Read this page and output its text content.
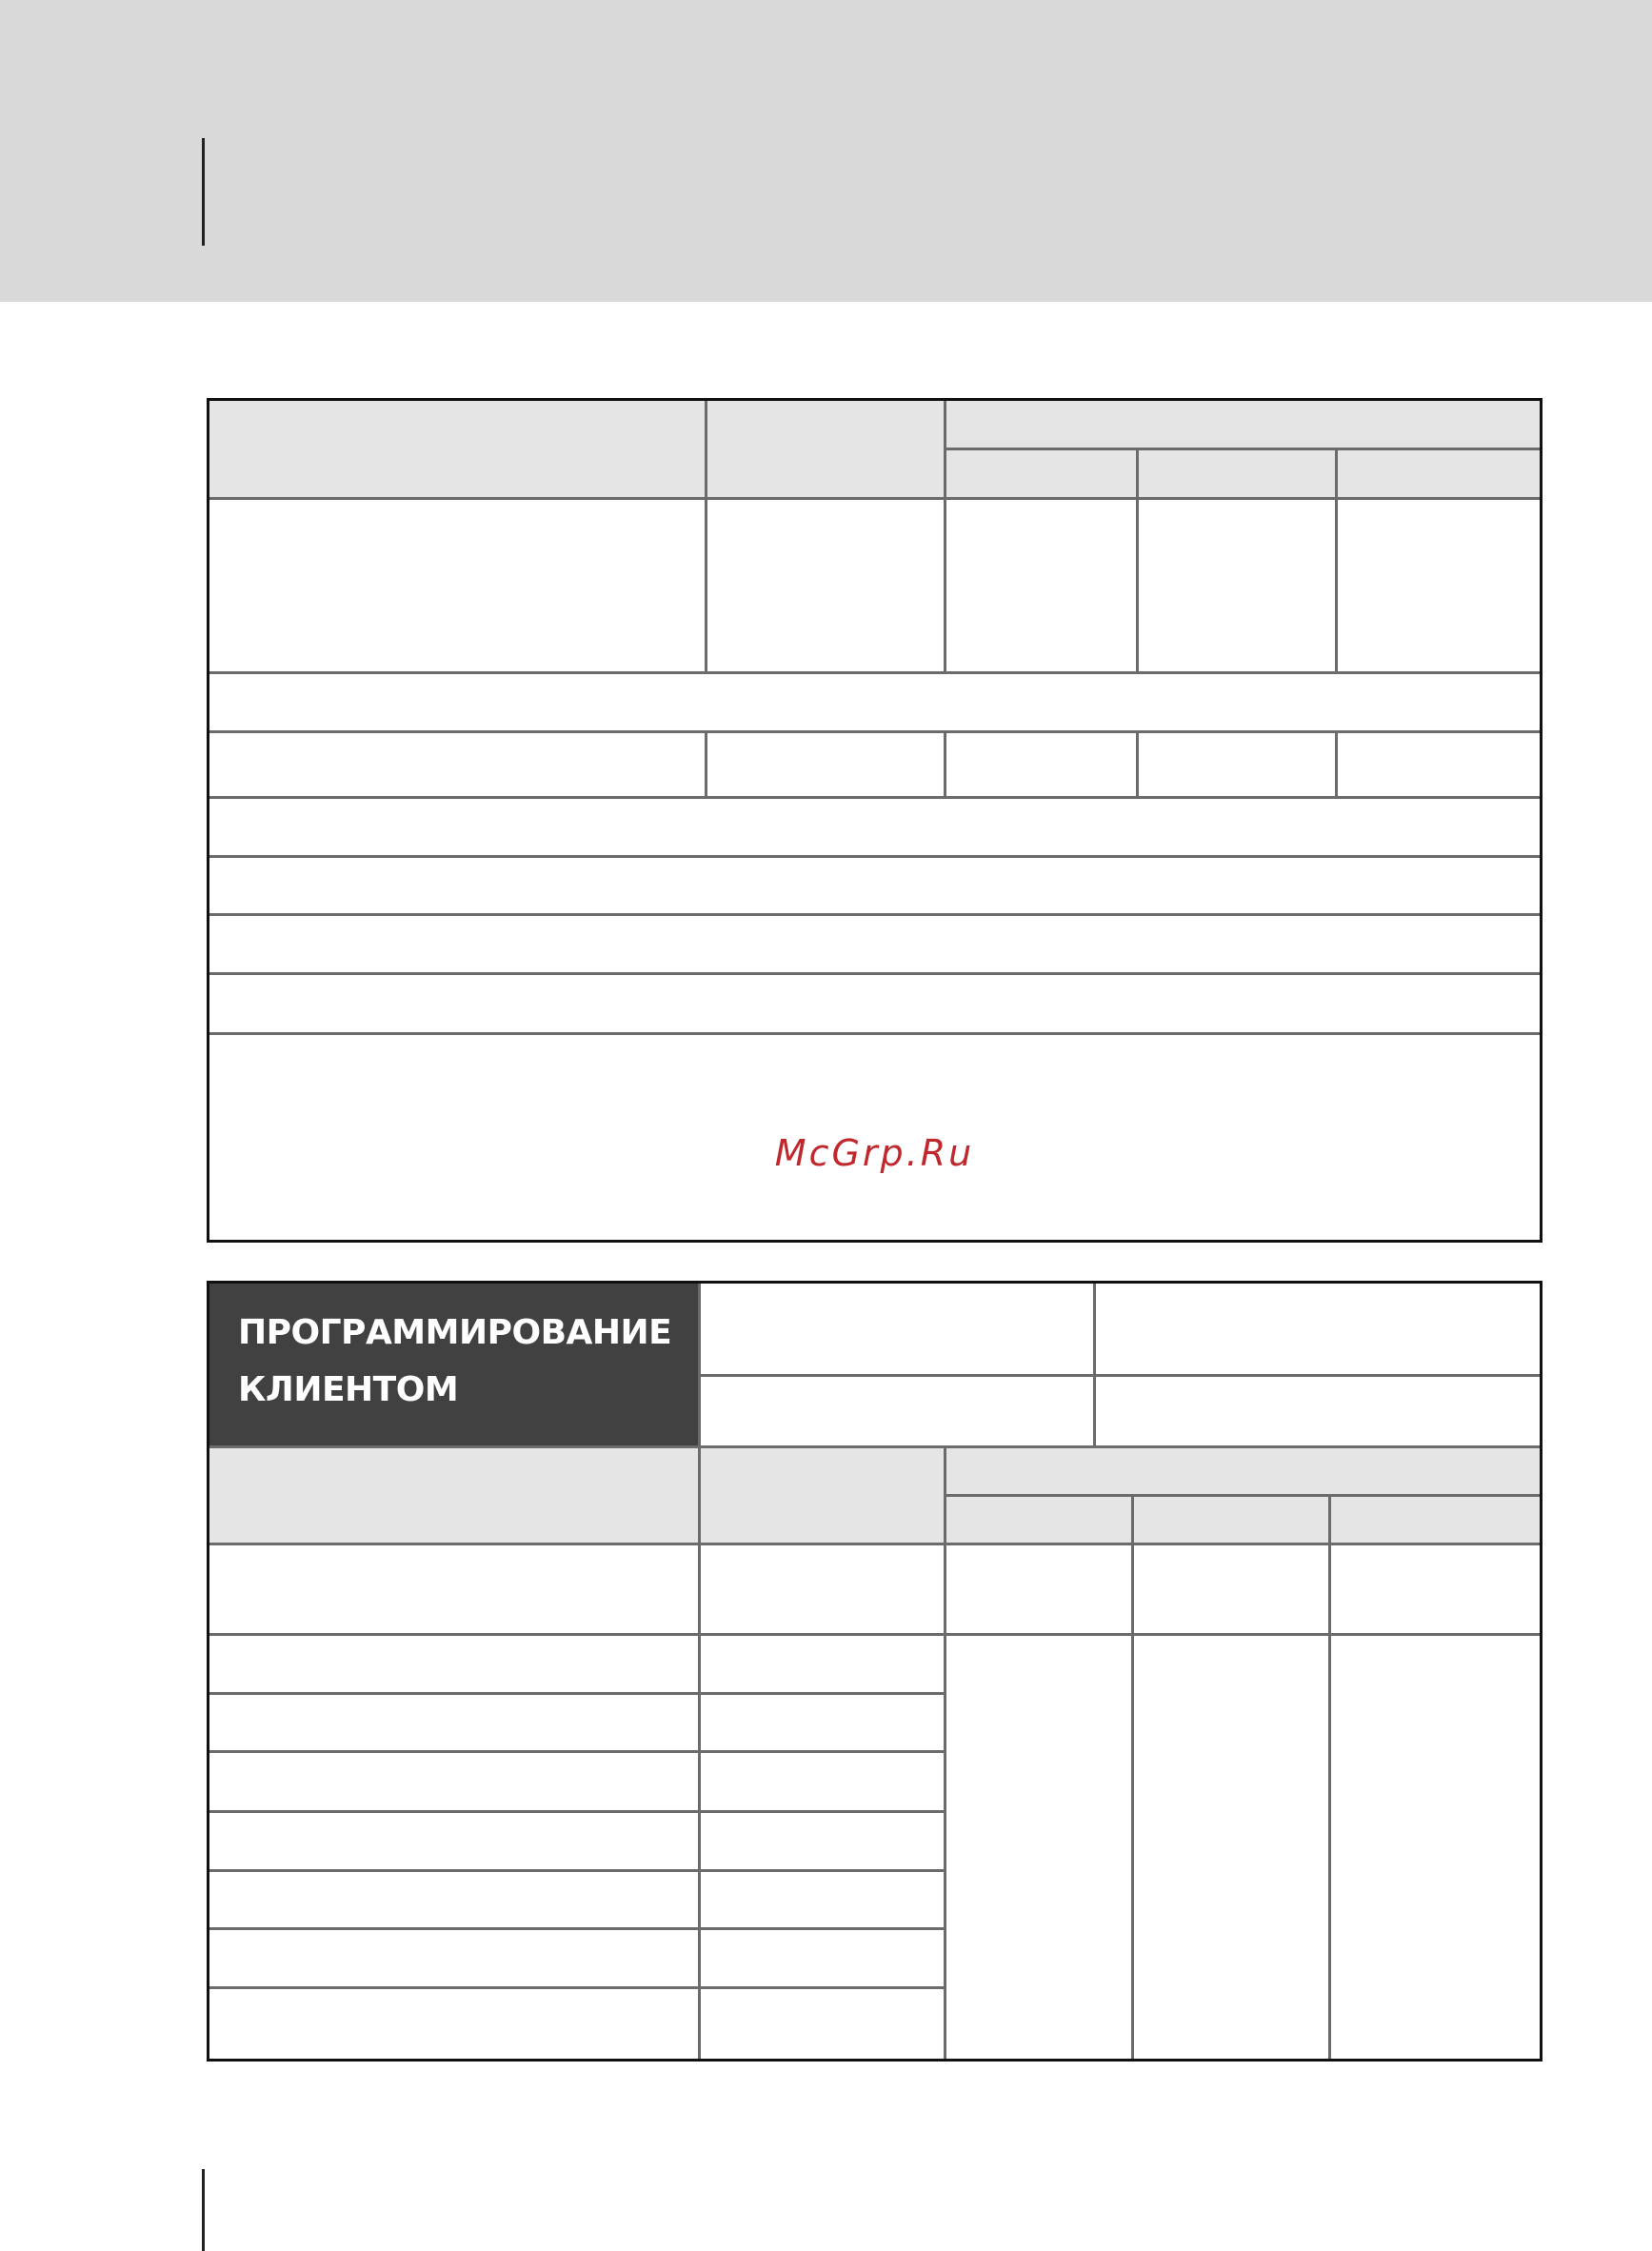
McGrp.Ru
ПРОГРАММИРОВАНИЕ
КЛИЕНТОМ
